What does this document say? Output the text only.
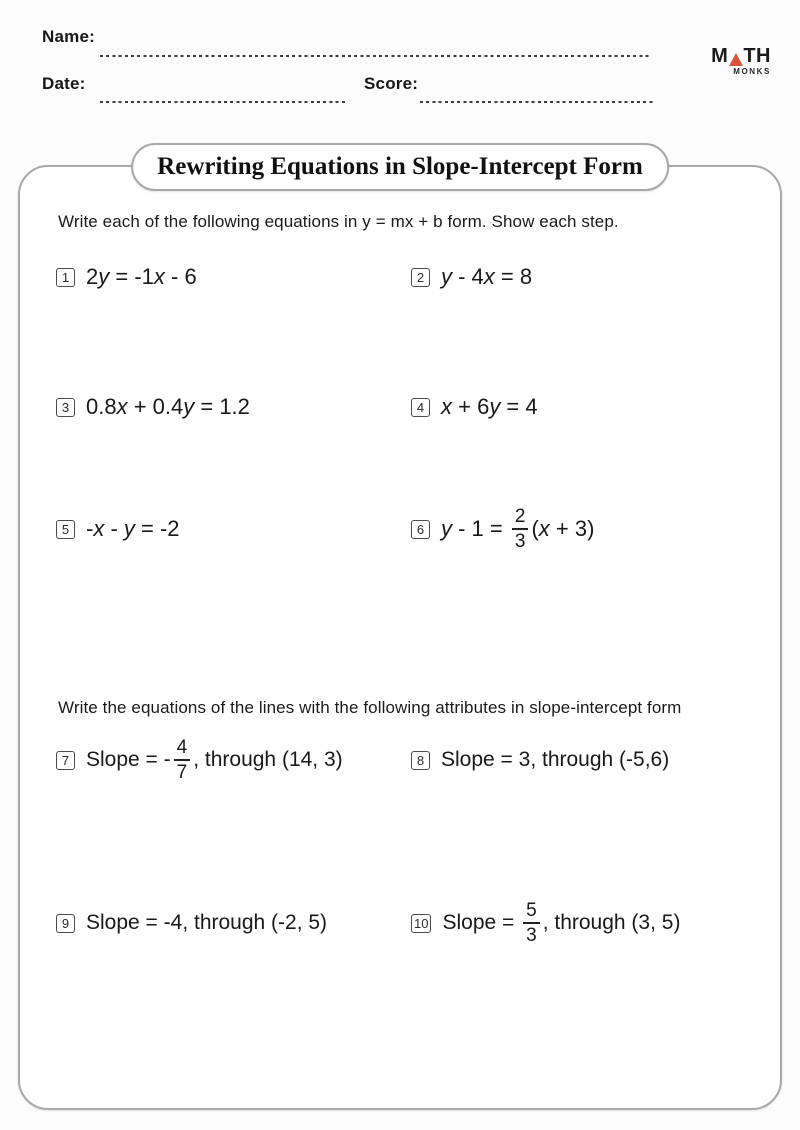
Name:
Date:	Score:
M TH
MONKS
Rewriting Equations in Slope-Intercept Form
Write each of the following equations in y = mx + b form. Show each step.
1 2 y = -1 x - 6	2 y - 4 x = 8
3 0.8 x + 0.4 y = 1.2	4 x + 6 y = 4
5 - x - y = -2	6 $y - 1 = \frac{2}{3}$ ( x + 3)
Write the equations of the lines with the following attributes in slope-intercept form
7 Slope = - $\frac{4}{7}$ , through (14, 3)	8 Slope = 3, through (-5,6)
9 Slope = -4, through (-2, 5)	10 Slope = $\frac{5}{3}$ , through (3, 5)
